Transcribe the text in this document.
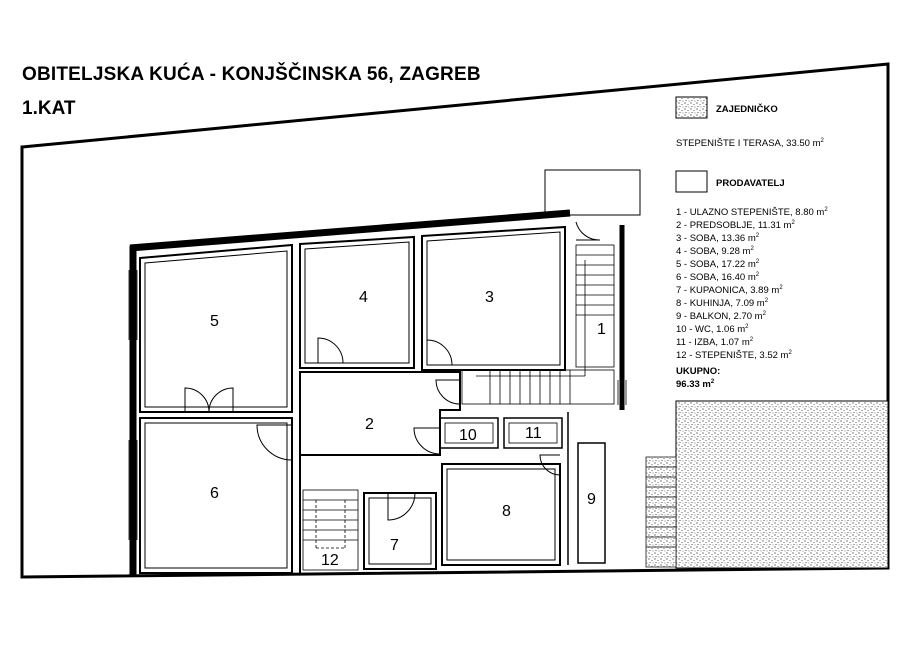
OBITELJSKA KUĆA - KONJŠČINSKA 56, ZAGREB
1.KAT
5
4	3
1
2
10	11
6
8
9
7
12
ZAJEDNIČKO
STEPENIŠTE I TERASA, 33.50 $m^2$
PRODAVATELJ
1 - ULAZNO STEPENIŠTE, 8.80 $m^2$
2 - PREDSOBLJE, 11.31 $m^2$
3 - SOBA, 13.36 $m^2$
4 - SOBA, 9.28 $m^2$
5 - SOBA, 17.22 $m^2$
6 - SOBA, 16.40 $m^2$
7 - KUPAONICA, 3.89 $m^2$
8 - KUHINJA, 7.09 $m^2$
9 - BALKON, 2.70 $m^2$
10 - WC, 1.06 $m^2$
11 - IZBA, 1.07 $m^2$
12 - STEPENIŠTE, 3.52 $m^2$
UKUPNO:
96.33 $m^2$
